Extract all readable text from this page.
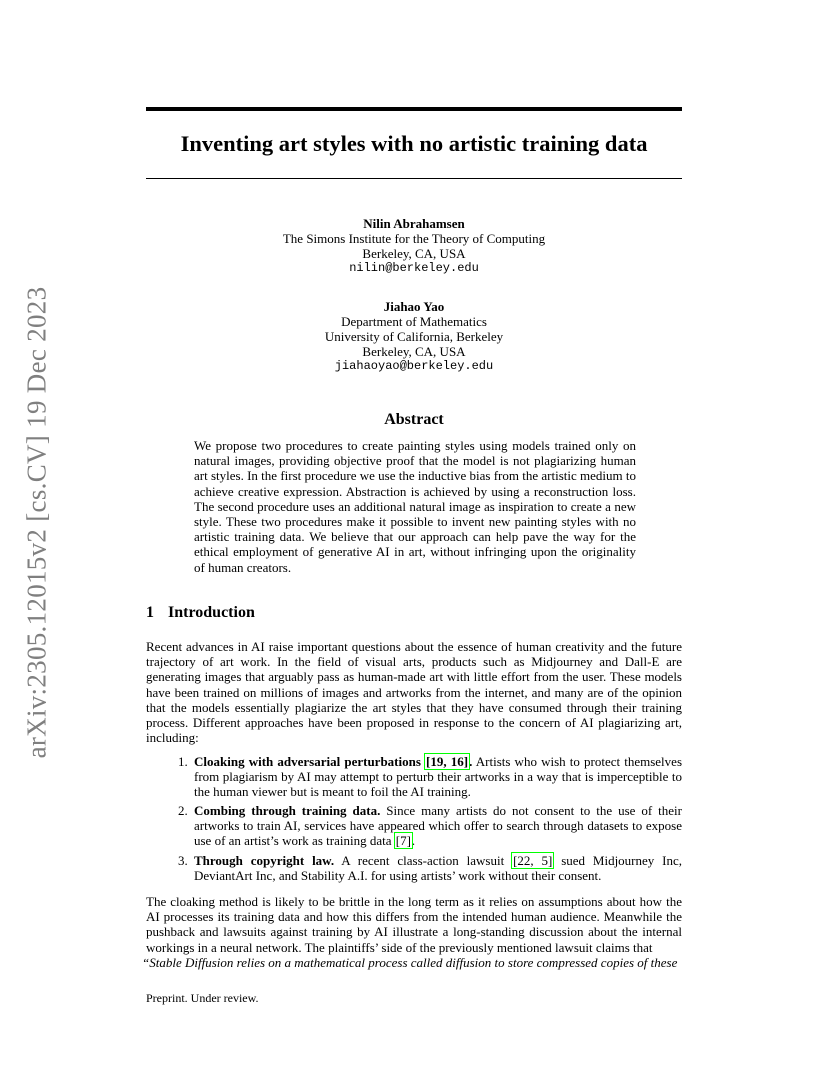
arXiv:2305.12015v2 [cs.CV] 19 Dec 2023
Inventing art styles with no artistic training data
Nilin Abrahamsen
The Simons Institute for the Theory of Computing
Berkeley, CA, USA
nilin@berkeley.edu
Jiahao Yao
Department of Mathematics
University of California, Berkeley
Berkeley, CA, USA
jiahaoyao@berkeley.edu
Abstract
We propose two procedures to create painting styles using models trained only on natural images, providing objective proof that the model is not plagiarizing human art styles. In the first procedure we use the inductive bias from the artistic medium to achieve creative expression. Abstraction is achieved by using a reconstruction loss. The second procedure uses an additional natural image as inspiration to create a new style. These two procedures make it possible to invent new painting styles with no artistic training data. We believe that our approach can help pave the way for the ethical employment of generative AI in art, without infringing upon the originality of human creators.
1 Introduction
Recent advances in AI raise important questions about the essence of human creativity and the future trajectory of art work. In the field of visual arts, products such as Midjourney and Dall-E are generating images that arguably pass as human-made art with little effort from the user. These models have been trained on millions of images and artworks from the internet, and many are of the opinion that the models essentially plagiarize the art styles that they have consumed through their training process. Different approaches have been proposed in response to the concern of AI plagiarizing art, including:
1. Cloaking with adversarial perturbations [19, 16]. Artists who wish to protect themselves from plagiarism by AI may attempt to perturb their artworks in a way that is imperceptible to the human viewer but is meant to foil the AI training.
2. Combing through training data. Since many artists do not consent to the use of their artworks to train AI, services have appeared which offer to search through datasets to expose use of an artist’s work as training data [7].
3. Through copyright law. A recent class-action lawsuit [22, 5] sued Midjourney Inc, DeviantArt Inc, and Stability A.I. for using artists’ work without their consent.
The cloaking method is likely to be brittle in the long term as it relies on assumptions about how the AI processes its training data and how this differs from the intended human audience. Meanwhile the pushback and lawsuits against training by AI illustrate a long-standing discussion about the internal workings in a neural network. The plaintiffs’ side of the previously mentioned lawsuit claims that
“Stable Diffusion relies on a mathematical process called diffusion to store compressed copies of these
Preprint. Under review.
